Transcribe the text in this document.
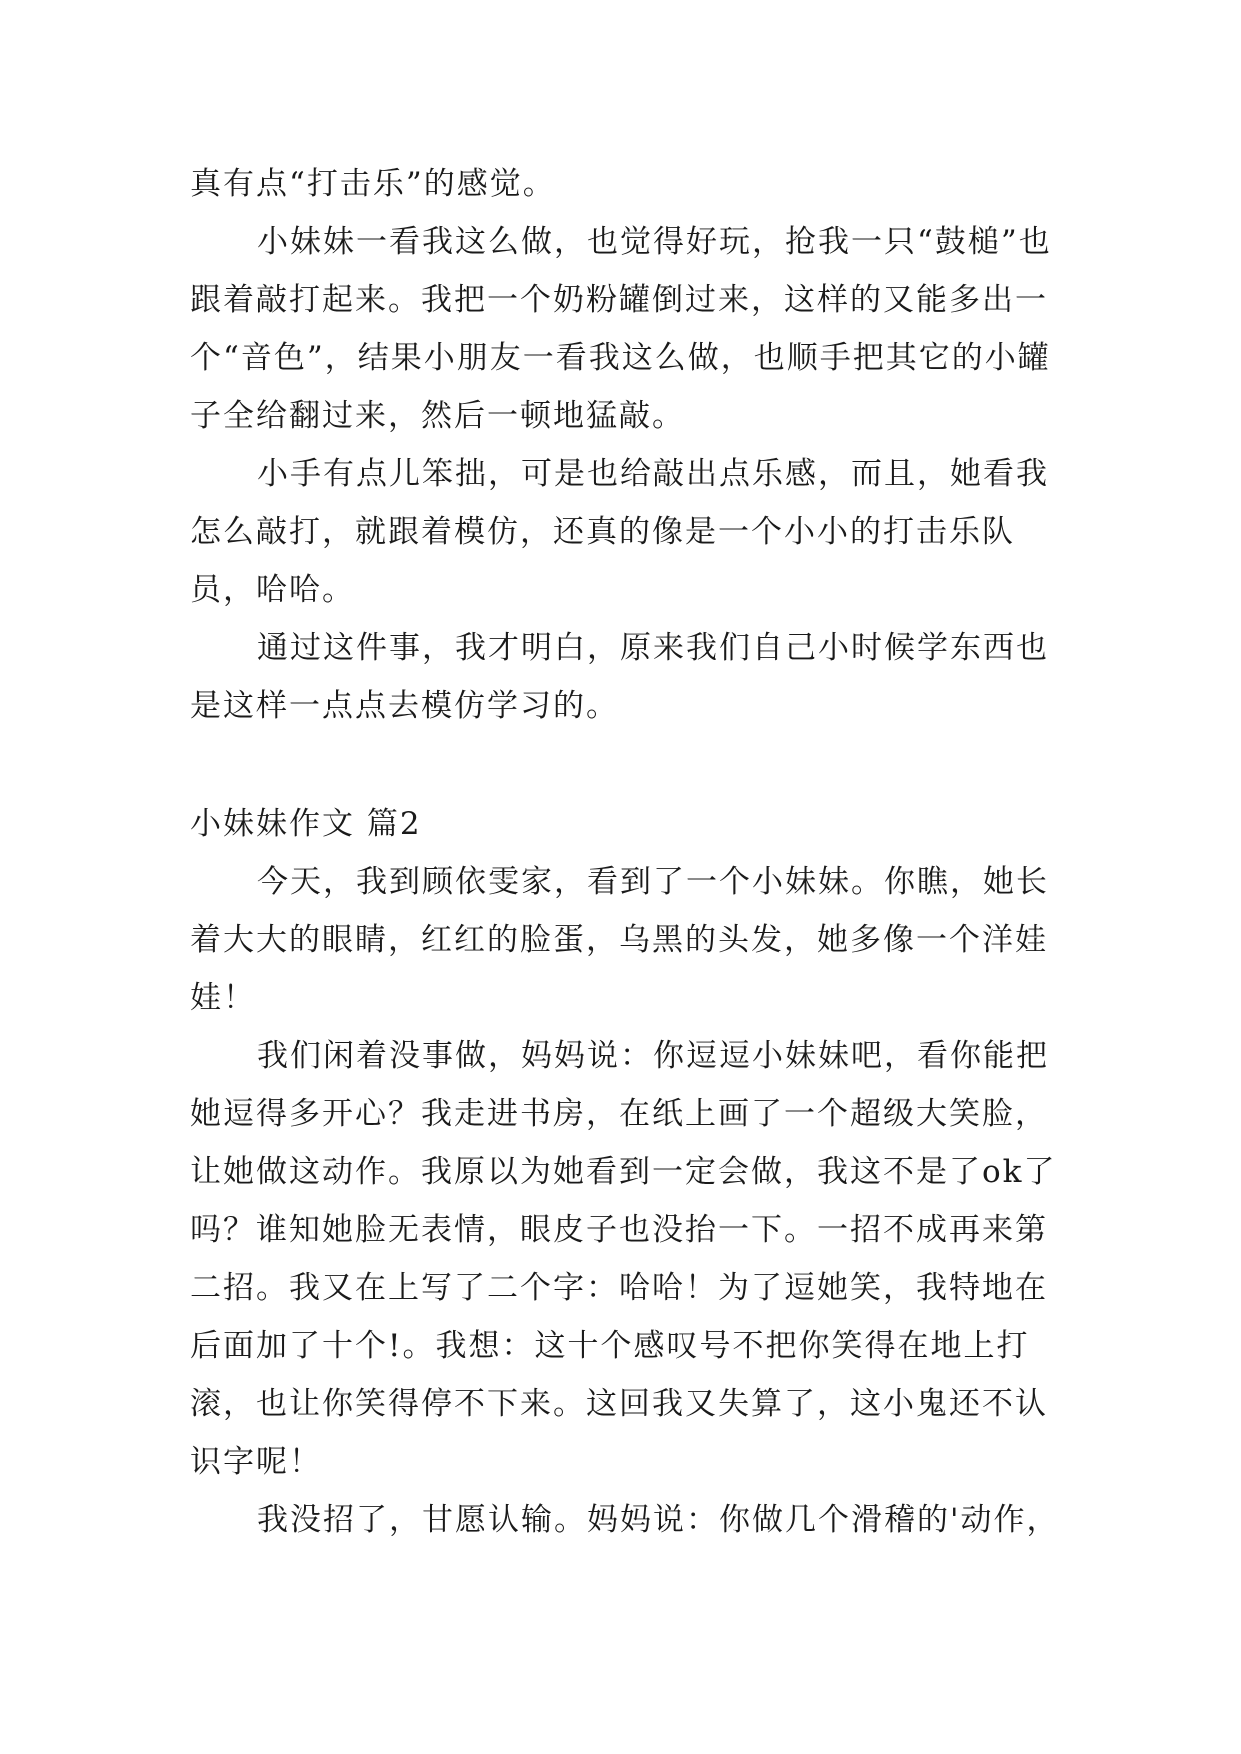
真有点“打击乐”的感觉。

小妹妹一看我这么做，也觉得好玩，抢我一只“鼓槌”也跟着敲打起来。我把一个奶粉罐倒过来，这样的又能多出一个“音色”，结果小朋友一看我这么做，也顺手把其它的小罐子全给翻过来，然后一顿地猛敲。

小手有点儿笨拙，可是也给敲出点乐感，而且，她看我怎么敲打，就跟着模仿，还真的像是一个小小的打击乐队员，哈哈。

通过这件事，我才明白，原来我们自己小时候学东西也是这样一点点去模仿学习的。

小妹妹作文 篇2

今天，我到顾依雯家，看到了一个小妹妹。你瞧，她长着大大的眼睛，红红的脸蛋，乌黑的头发，她多像一个洋娃娃！

我们闲着没事做，妈妈说：你逗逗小妹妹吧，看你能把她逗得多开心？我走进书房，在纸上画了一个超级大笑脸，让她做这动作。我原以为她看到一定会做，我这不是了ok了吗？谁知她脸无表情，眼皮子也没抬一下。一招不成再来第二招。我又在上写了二个字：哈哈！为了逗她笑，我特地在后面加了十个!。我想：这十个感叹号不把你笑得在地上打滚，也让你笑得停不下来。这回我又失算了，这小鬼还不认识字呢！

我没招了，甘愿认输。妈妈说：你做几个滑稽的'动作，
